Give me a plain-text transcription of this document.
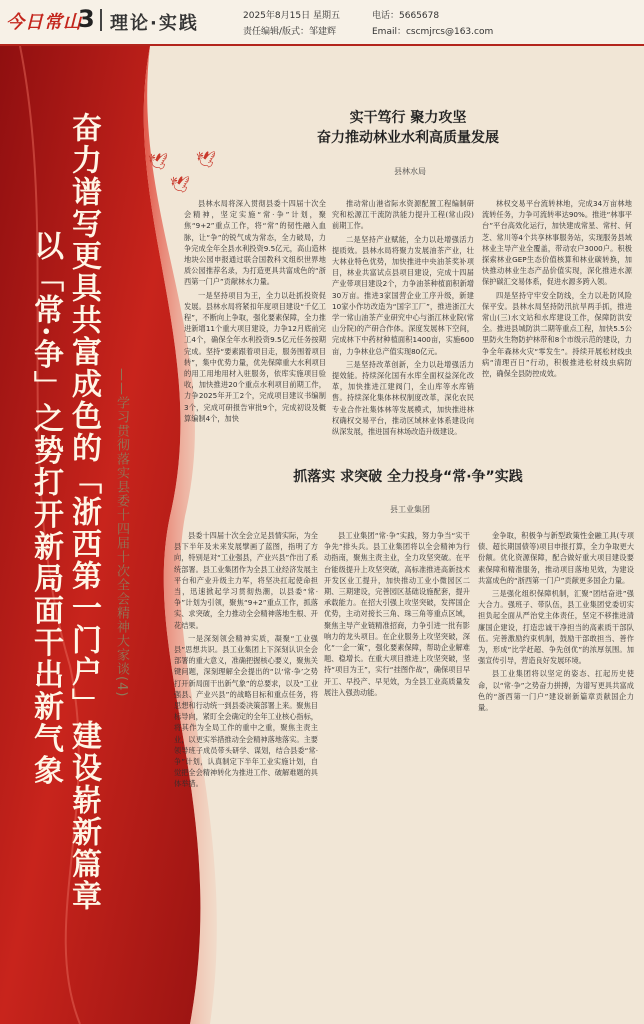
今日常山
3 理论·实践	2025年8月15日 星期五
责任编辑/版式：邹建辉
电话：5665678
Email：cscmjrcs@163.com
🕊 🕊
🕊
奋力谱写更具共富成色的「浙西第一门户」建设崭新篇章
以「常·争」之势打开新局面干出新气象	——学习贯彻落实县委十四届十次全会精神大家谈(4)
实干笃行 聚力攻坚
奋力推动林业水利高质量发展
县林水局

县林水局将深入贯彻县委十四届十次全会精神，坚定实施“常·争”计划，聚焦“9+2”重点工作，将“常”的韧性融入血脉，让“争”的锐气成为常态，全力破局，力争完成全年全县水利投资9.5亿元，高山造林地块公园申报通过联合国教科文组织世界地质公园推荐名录，为打造更具共富成色的“浙西第一门户”贡献林水力量。

一是坚持项目为王，全力以赴抓投资促发展。县林水局将紧扣年度项目建设“千亿工程”，不断向上争取，强化要素保障，全力推进新增11个重大项目建设，力争12月底前完工4个，确保全年水利投资9.5亿元任务按期完成。坚持“要素跟着项目走，服务围着项目转”，集中优势力量，优先保障重大水利项目的用工用地用材入驻服务，依库实施项目验收，加快推进20个重点水利项目前期工作，力争2025年开工2个，完成项目建议书编制3个，完成可研报告审批9个，完成初设及概算编制4个，加快

推动常山港省际水资源配置工程编制研究和松源江干流防洪能力提升工程(常山段)前期工作。

二是坚持产业赋能，全力以赴增强活力提质效。县林水局将聚力发展油茶产业，壮大林业特色优势，加快推进中央油茶奖补项目，林业共富试点县项目建设，完成十四届产业带项目建设2个，力争油茶种植面积新增30万亩。推进3家国营企业工序升级，新建10家小作坊改造为“国字工厂”，推进浙江大学一常山油茶产业研究中心与浙江林业院(常山分院)的产研合作体。深度发展林下空间，完成林下中药材种植面积1400亩，实施600亩，力争林业总产值实现80亿元。

三是坚持改革创新，全力以赴增强活力提效能。持续深化国有水库全面权益深化改革，加快推进江建阀门，全山库等水库销售。持续深化集体林权制度改革，深化农民专业合作社集体林等发展模式，加快推进林权确权交易平台，推动区域林业体系建设向纵深发展，推进国有林场改造升级建设。

林权交易平台流转林地，完成34万亩林地流转任务，力争可流转率达90%。推进“林事平台”平台高效化运行，加快建成常星、常村、何芝、常川等4个共享林事服务站，实现服务县域林业主导产业全覆盖，带动农户3000户。积极探索林业GEP生态价值核算和林业碳转换，加快推动林业生态产品价值实现，深化推进水源保护碳汇交易体系，促进水源多跨入领。

四是坚持守牢安全防线，全力以赴防风险保平安。县林水局坚持防汛抗旱两手抓，推进常山(三)水文站和水库建设工作，保障防洪安全。推进县城防洪二期等重点工程，加快5.5公里防火生物防护林带和8个市级示范的建设，力争全年森林火灾“零发生”。持续开展松材线虫病“清理百日”行动，积极推进松材线虫病防控，确保全县防控成效。

抓落实 求突破 全力投身“常·争”实践
县工业集团

县委十四届十次全会立足县情实际，为全县下半年及未来发展擘画了蓝图，指明了方向，特别是对“工业强县，产业兴县”作出了系统部署。县工业集团作为全县工业经济发展主平台和产业升级主力军，将坚决扛起使命担当，迅速掀起学习贯彻热潮，以县委“常·争”计划为引领，聚焦“9+2”重点工作，抓落实、求突破，全力推动全会精神落地生根、开花结果。

一是深刻领会精神实质，凝聚“工业强县”思想共识。县工业集团上下深刻认识全会部署的重大意义，准确把握核心要义，聚焦关键问题，深刻理解全会提出的“以‘常·争’之势打开新局面干出新气象”的总要求，以及“工业强县、产业兴县”的战略目标和重点任务，将思想和行动统一到县委决策部署上来。聚焦目标导向，紧盯全会确定的全年工业核心指标，将其作为全局工作的重中之重，聚焦主责主业，以更实举措推动全会精神落地落实。主要领导班子成员带头研学、谋划，结合县委“常·争”计划，认真制定下半年工业实施计划，自觉把全会精神转化为推进工作、破解难题的具体举措。

县工业集团“常·争”实践，努力争当“实干争先”排头兵。县工业集团将以全会精神为行动指南，聚焦主责主业，全力攻坚突破。在平台能级提升上攻坚突破，高标准推进高新技术开发区业工提升，加快推动工业小微园区二期、三期建设，完善园区基础设施配套，提升承载能力。在招大引强上攻坚突破，发挥国企优势，主动对接长三角、珠三角等重点区域，聚焦主导产业链精准招商，力争引进一批有影响力的龙头项目。在企业服务上攻坚突破，深化“一企一策”，强化要素保障，帮助企业解难题、稳增长。在重大项目推进上攻坚突破，坚持“项目为王”，实行“挂图作战”，确保项目早开工、早投产、早见效，为全县工业高质量发展注入强劲动能。

金争取，积极争与新型政策性金融工具(专项债、超长期国债等)项目申报打算，全力争取更大份额。优化资源保障，配合做好重大项目建设要素保障和精准服务，推动项目落地见效，为建设共富成色的“浙西第一门户”贡献更多国企力量。

三是强化组织保障机制，汇聚“团结奋进”强大合力。强班子、带队伍，县工业集团党委切实担负起全面从严治党主体责任，坚定不移推进清廉国企建设，打造忠诚干净担当的高素质干部队伍。完善激励约束机制，鼓励干部敢担当、善作为，形成“比学赶超、争先创优”的浓厚氛围。加强宣传引导，营造良好发展环境。

县工业集团将以坚定的姿态、扛起历史使命，以“常·争”之势奋力拼搏，为谱写更具共富成色的“浙西第一门户”建设崭新篇章贡献国企力量。
